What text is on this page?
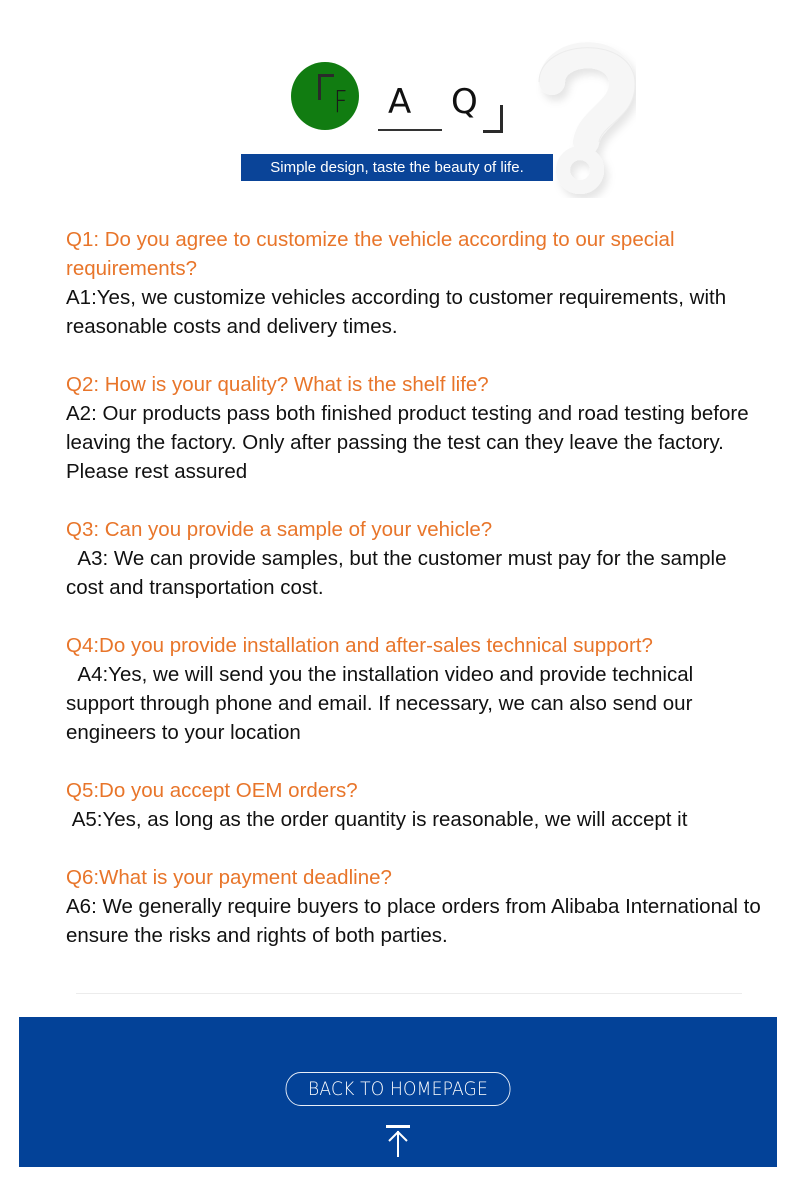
F A Q
Simple design, taste the beauty of life.

Q1: Do you agree to customize the vehicle according to our special requirements?

A1:Yes, we customize vehicles according to customer requirements, with reasonable costs and delivery times.

Q2: How is your quality? What is the shelf life?

A2: Our products pass both finished product testing and road testing before leaving the factory. Only after passing the test can they leave the factory. Please rest assured

Q3: Can you provide a sample of your vehicle?

A3: We can provide samples, but the customer must pay for the sample cost and transportation cost.

Q4:Do you provide installation and after-sales technical support?

A4:Yes, we will send you the installation video and provide technical support through phone and email. If necessary, we can also send our engineers to your location

Q5:Do you accept OEM orders?

A5:Yes, as long as the order quantity is reasonable, we will accept it

Q6:What is your payment deadline?

A6: We generally require buyers to place orders from Alibaba International to ensure the risks and rights of both parties.

BACK TO HOMEPAGE
